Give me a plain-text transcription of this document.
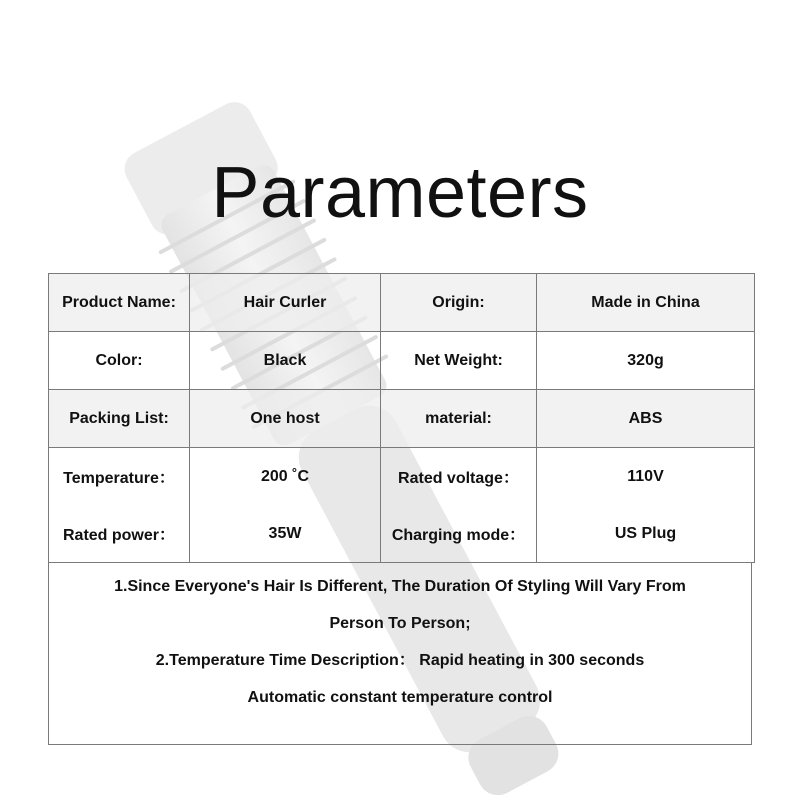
Parameters
Product Name:	Hair Curler	Origin:	Made in China
Color:	Black	Net Weight:	320g
Packing List:	One host	material:	ABS
Temperature：	200 ˚C	Rated voltage：	110V
Rated power：	35W	Charging mode：	US Plug
1.Since Everyone's Hair Is Different, The Duration Of Styling Will Vary From
Person To Person;
2.Temperature Time Description： Rapid heating in 300 seconds
Automatic constant temperature control
